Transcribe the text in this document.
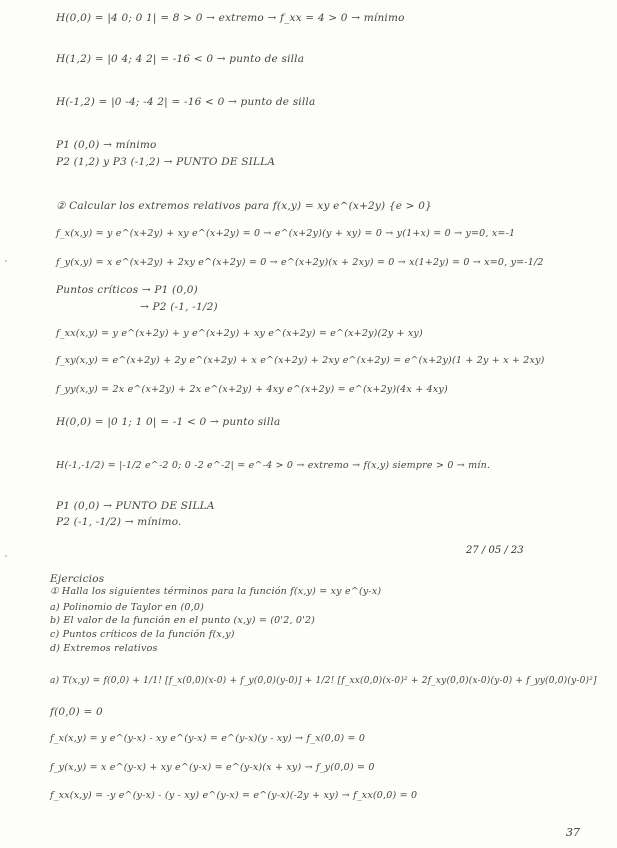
H(0,0) = |4 0; 0 1| = 8 > 0 → extremo → f_xx = 4 > 0 → mínimo
H(1,2) = |0 4; 4 2| = -16 < 0 → punto de silla
H(-1,2) = |0 -4; -4 2| = -16 < 0 → punto de silla
P1 (0,0) → mínimo
P2 (1,2) y P3 (-1,2) → PUNTO DE SILLA
② Calcular los extremos relativos para f(x,y) = xy e^(x+2y) {e > 0}
f_x(x,y) = y e^(x+2y) + xy e^(x+2y) = 0 → e^(x+2y)(y + xy) = 0 → y(1+x) = 0 → y=0, x=-1
f_y(x,y) = x e^(x+2y) + 2xy e^(x+2y) = 0 → e^(x+2y)(x + 2xy) = 0 → x(1+2y) = 0 → x=0, y=-1/2
Puntos críticos → P1 (0,0)
→ P2 (-1, -1/2)
f_xx(x,y) = y e^(x+2y) + y e^(x+2y) + xy e^(x+2y) = e^(x+2y)(2y + xy)
f_xy(x,y) = e^(x+2y) + 2y e^(x+2y) + x e^(x+2y) + 2xy e^(x+2y) = e^(x+2y)(1 + 2y + x + 2xy)
f_yy(x,y) = 2x e^(x+2y) + 2x e^(x+2y) + 4xy e^(x+2y) = e^(x+2y)(4x + 4xy)
H(0,0) = |0 1; 1 0| = -1 < 0 → punto silla
H(-1,-1/2) = |-1/2 e^-2 0; 0 -2 e^-2| = e^-4 > 0 → extremo → f(x,y) siempre > 0 → mín.
P1 (0,0) → PUNTO DE SILLA
P2 (-1, -1/2) → mínimo.
27 / 05 / 23
Ejercicios
① Halla los siguientes términos para la función f(x,y) = xy e^(y-x)
a) Polinomio de Taylor en (0,0)
b) El valor de la función en el punto (x,y) = (0'2, 0'2)
c) Puntos críticos de la función f(x,y)
d) Extremos relativos
a) T(x,y) = f(0,0) + 1/1! [f_x(0,0)(x-0) + f_y(0,0)(y-0)] + 1/2! [f_xx(0,0)(x-0)² + 2f_xy(0,0)(x-0)(y-0) + f_yy(0,0)(y-0)²]
f(0,0) = 0
f_x(x,y) = y e^(y-x) - xy e^(y-x) = e^(y-x)(y - xy) → f_x(0,0) = 0
f_y(x,y) = x e^(y-x) + xy e^(y-x) = e^(y-x)(x + xy) → f_y(0,0) = 0
f_xx(x,y) = -y e^(y-x) - (y - xy) e^(y-x) = e^(y-x)(-2y + xy) → f_xx(0,0) = 0
37
